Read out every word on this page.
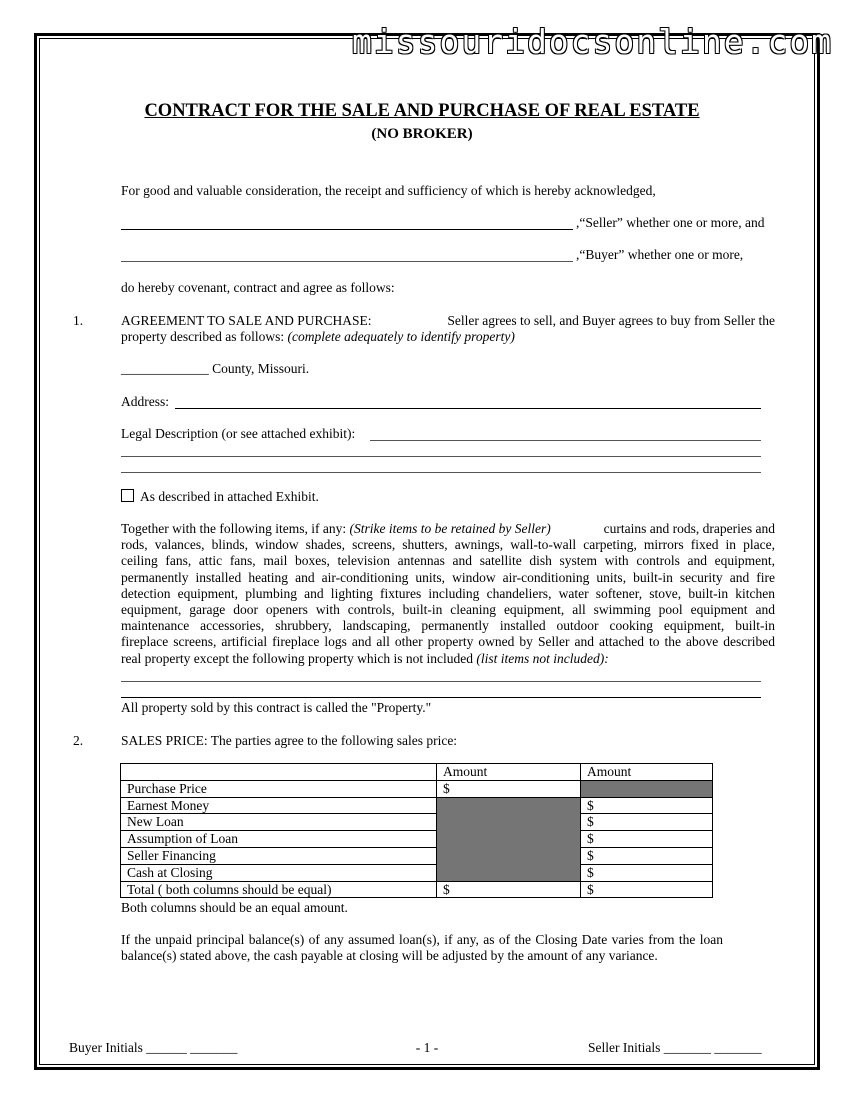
missouridocsonline.com
CONTRACT FOR THE SALE AND PURCHASE OF REAL ESTATE
(NO BROKER)
For good and valuable consideration, the receipt and sufficiency of which is hereby acknowledged,
,“Seller” whether one or more, and
,“Buyer” whether one or more,
do hereby covenant, contract and agree as follows:
1.	AGREEMENT TO SALE AND PURCHASE:	Seller agrees to sell, and Buyer agrees to buy from Seller the
property described as follows: (complete adequately to identify property)
_____________ County, Missouri.
Address:
Legal Description (or see attached exhibit):
As described in attached Exhibit.
Together with the following items, if any: (Strike items to be retained by Seller)	curtains and rods, draperies and
rods, valances, blinds, window shades, screens, shutters, awnings, wall-to-wall carpeting, mirrors fixed in place,
ceiling fans, attic fans, mail boxes, television antennas and satellite dish system with controls and equipment,
permanently installed heating and air-conditioning units, window air-conditioning units, built-in security and fire
detection equipment, plumbing and lighting fixtures including chandeliers, water softener, stove, built-in kitchen
equipment, garage door openers with controls, built-in cleaning equipment, all swimming pool equipment and
maintenance accessories, shrubbery, landscaping, permanently installed outdoor cooking equipment, built-in
fireplace screens, artificial fireplace logs and all other property owned by Seller and attached to the above described
real property except the following property which is not included (list items not included):
All property sold by this contract is called the "Property."
2.	SALES PRICE: The parties agree to the following sales price:
	Amount	Amount
Purchase Price	$	
Earnest Money		$
New Loan		$
Assumption of Loan		$
Seller Financing		$
Cash at Closing		$
Total ( both columns should be equal)	$	$
Both columns should be an equal amount.
If the unpaid principal balance(s) of any assumed loan(s), if any, as of the Closing Date varies from the loan
balance(s) stated above, the cash payable at closing will be adjusted by the amount of any variance.
Buyer Initials ______ _______	- 1 -	Seller Initials _______ _______
